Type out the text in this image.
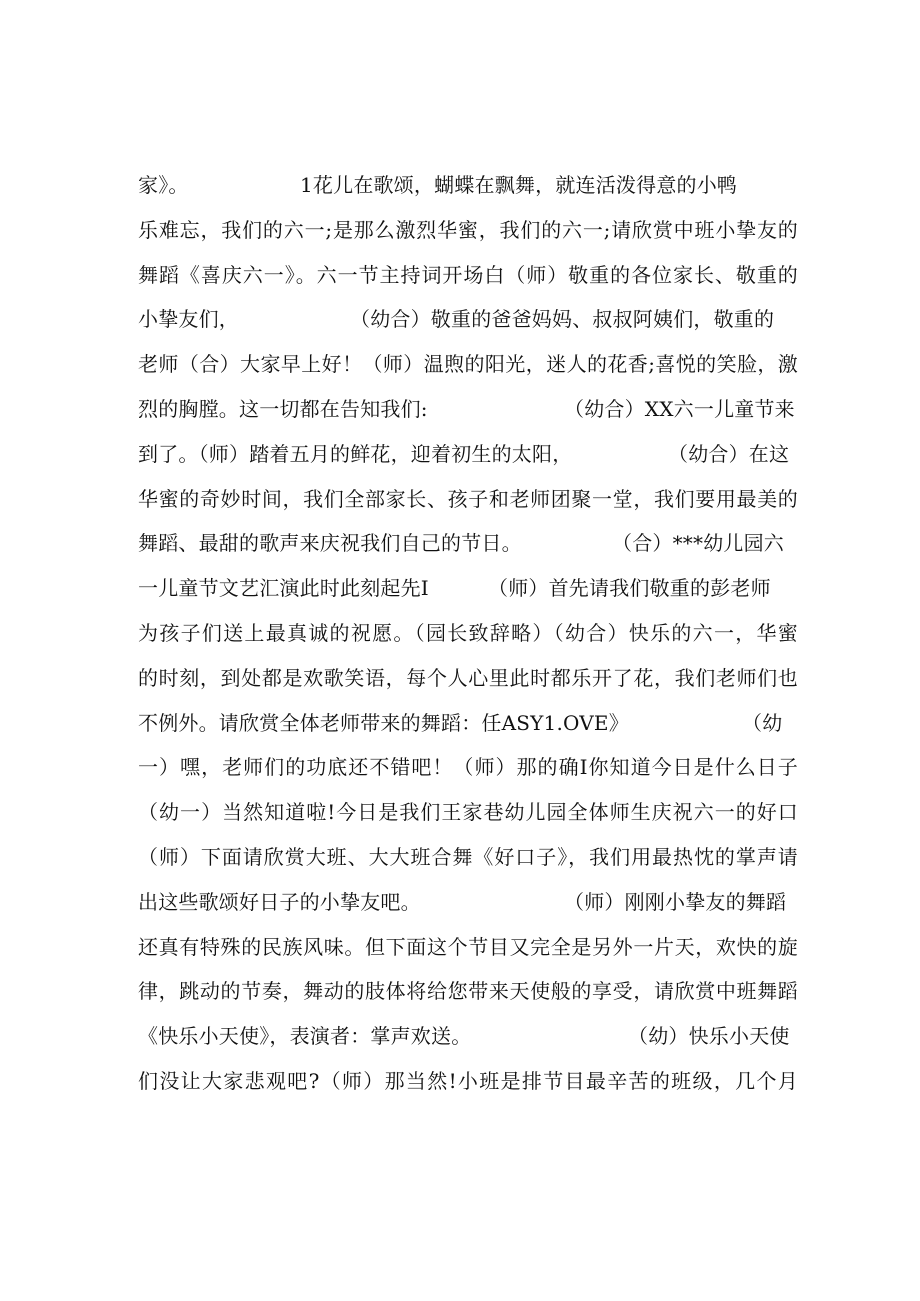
家》。	1花儿在歌颂，蝴蝶在飘舞，就连活泼得意的小鸭
乐难忘，我们的六一;是那么激烈华蜜，我们的六一;请欣赏中班小挚友的
舞蹈《喜庆六一》。六一节主持词开场白（师）敬重的各位家长、敬重的
小挚友们，	（幼合）敬重的爸爸妈妈、叔叔阿姨们，敬重的
老师（合）大家早上好！（师）温煦的阳光，迷人的花香;喜悦的笑脸，激
烈的胸膛。这一切都在告知我们:	（幼合）XX六一儿童节来
到了。（师）踏着五月的鲜花，迎着初生的太阳，	（幼合）在这
华蜜的奇妙时间，我们全部家长、孩子和老师团聚一堂，我们要用最美的
舞蹈、最甜的歌声来庆祝我们自己的节日。	（合）***幼儿园六
一儿童节文艺汇演此时此刻起先I	（师）首先请我们敬重的彭老师
为孩子们送上最真诚的祝愿。（园长致辞略）（幼合）快乐的六一，华蜜
的时刻，到处都是欢歌笑语，每个人心里此时都乐开了花，我们老师们也
不例外。请欣赏全体老师带来的舞蹈：任ASY1.OVE》	（幼
一）嘿，老师们的功底还不错吧！（师）那的确I你知道今日是什么日子
（幼一）当然知道啦!今日是我们王家巷幼儿园全体师生庆祝六一的好口
（师）下面请欣赏大班、大大班合舞《好口子》，我们用最热忱的掌声请
出这些歌颂好日子的小挚友吧。	（师）刚刚小挚友的舞蹈
还真有特殊的民族风味。但下面这个节目又完全是另外一片天，欢快的旋
律，跳动的节奏，舞动的肢体将给您带来天使般的享受，请欣赏中班舞蹈
《快乐小天使》，表演者：掌声欢送。	（幼）快乐小天使
们没让大家悲观吧?（师）那当然!小班是排节目最辛苦的班级，几个月
